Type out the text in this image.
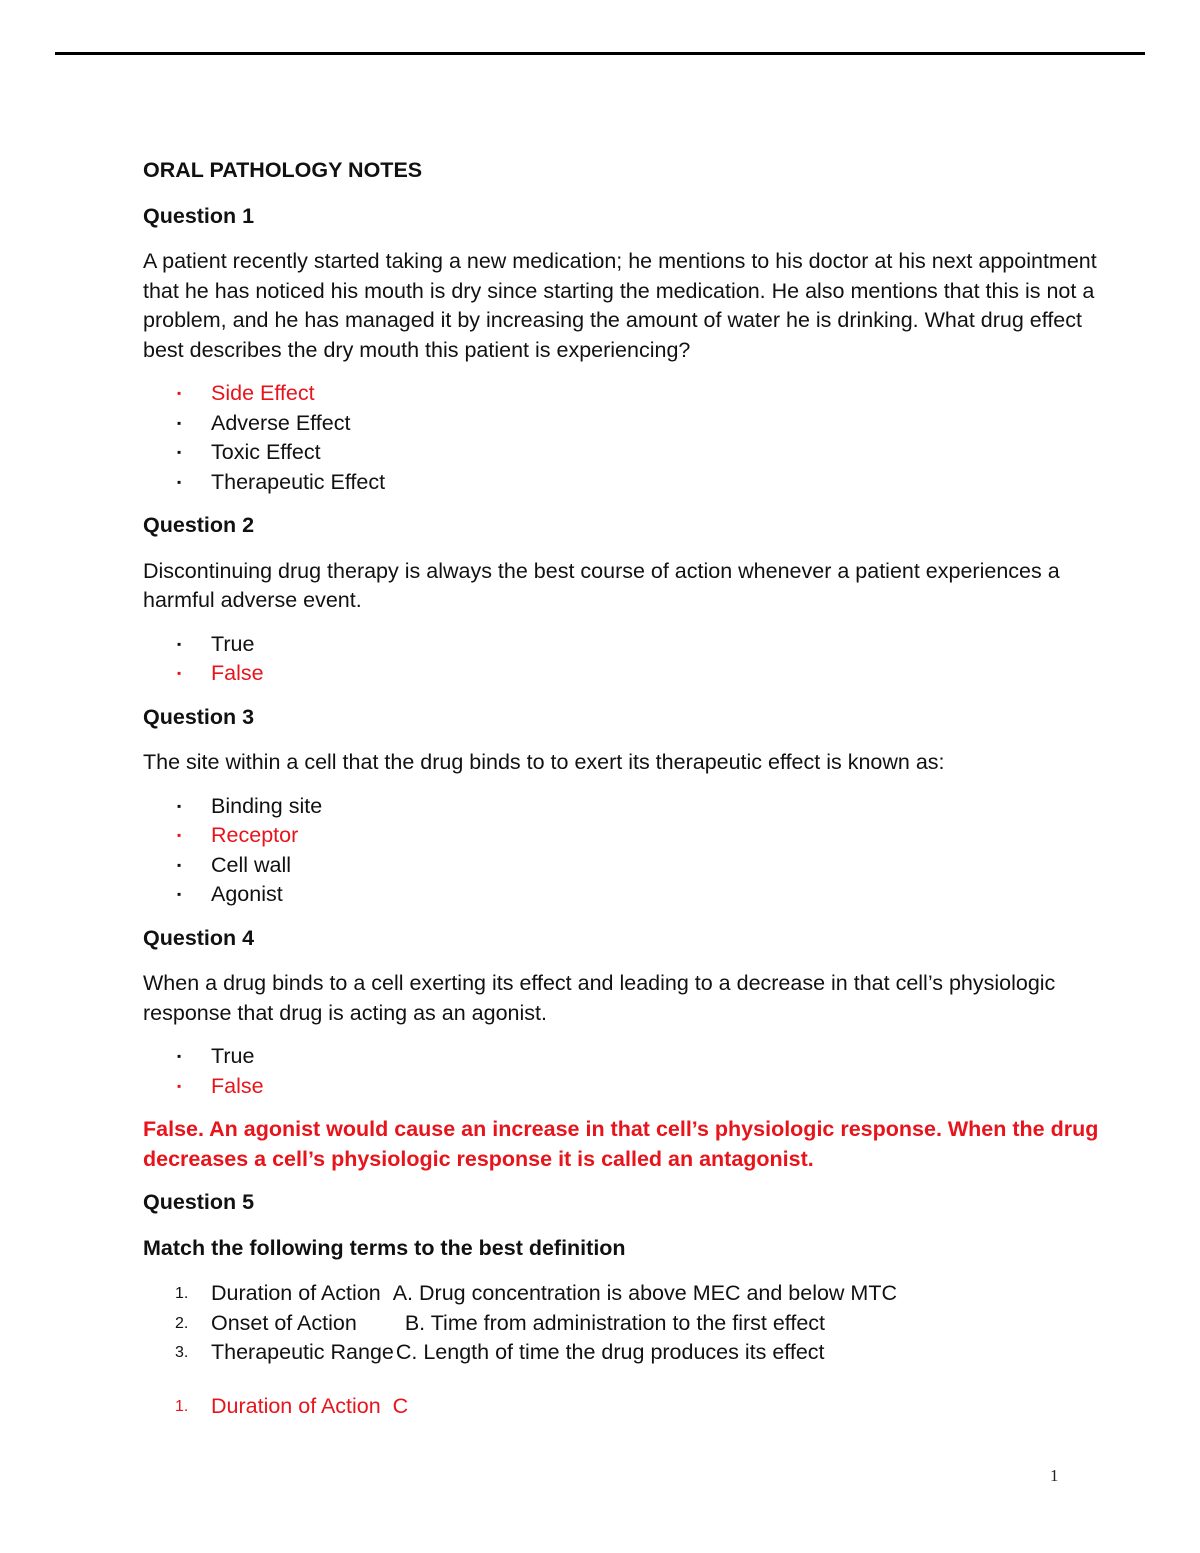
ORAL PATHOLOGY NOTES

Question 1

A patient recently started taking a new medication; he mentions to his doctor at his next appointment that he has noticed his mouth is dry since starting the medication. He also mentions that this is not a problem, and he has managed it by increasing the amount of water he is drinking. What drug effect best describes the dry mouth this patient is experiencing?

▪ Side Effect
▪ Adverse Effect
▪ Toxic Effect
▪ Therapeutic Effect

Question 2

Discontinuing drug therapy is always the best course of action whenever a patient experiences a harmful adverse event.

▪ True
▪ False

Question 3

The site within a cell that the drug binds to to exert its therapeutic effect is known as:

▪ Binding site
▪ Receptor
▪ Cell wall
▪ Agonist

Question 4

When a drug binds to a cell exerting its effect and leading to a decrease in that cell’s physiologic response that drug is acting as an agonist.

▪ True
▪ False

False. An agonist would cause an increase in that cell’s physiologic response. When the drug decreases a cell’s physiologic response it is called an antagonist.

Question 5

Match the following terms to the best definition

1. Duration of Action A. Drug concentration is above MEC and below MTC
2. Onset of Action B. Time from administration to the first effect
3. Therapeutic RangeC. Length of time the drug produces its effect
1. Duration of Action  C
1
